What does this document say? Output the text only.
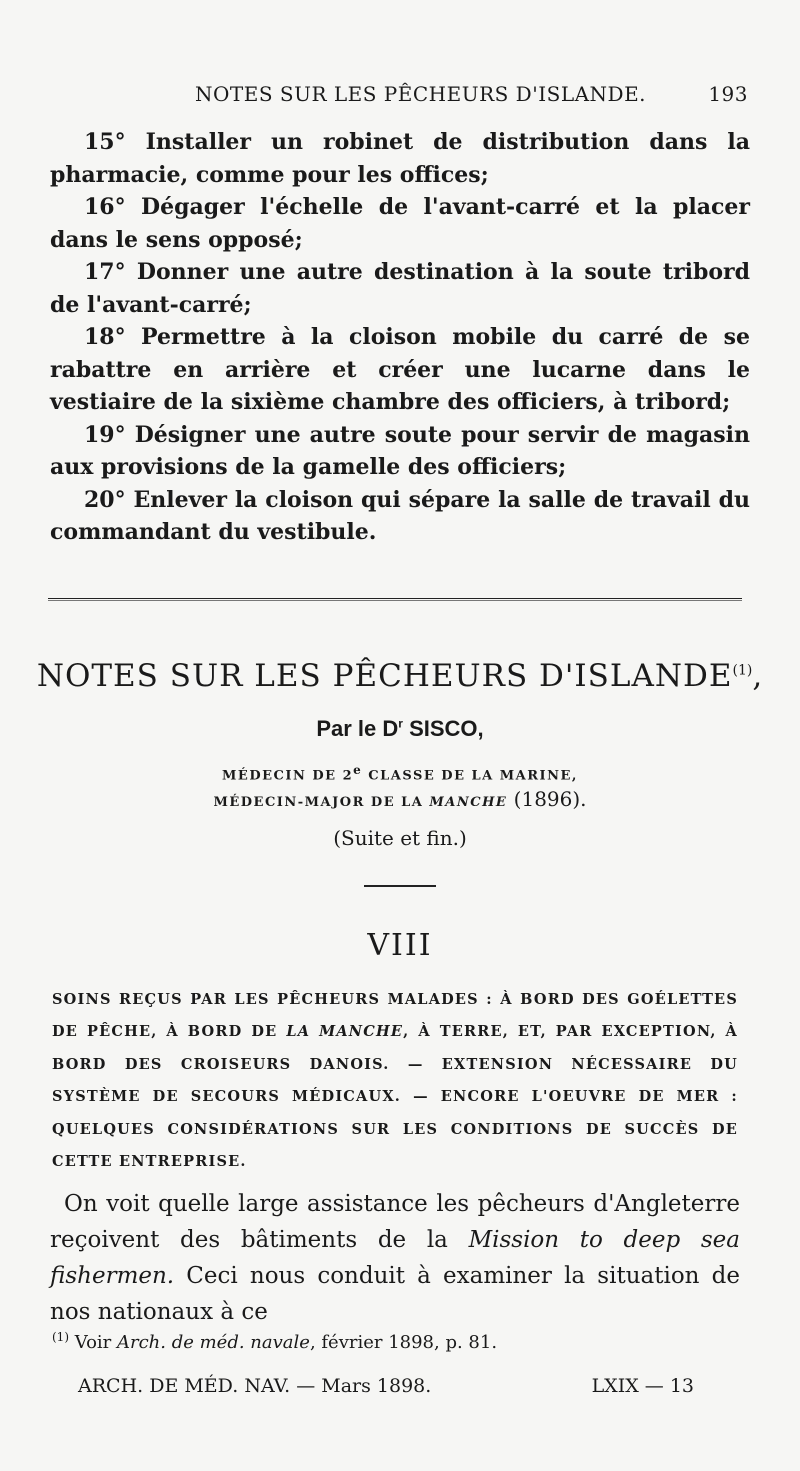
NOTES SUR LES PÊCHEURS D'ISLANDE.	193

15° Installer un robinet de distribution dans la pharmacie, comme pour les offices;

16° Dégager l'échelle de l'avant-carré et la placer dans le sens opposé;

17° Donner une autre destination à la soute tribord de l'avant-carré;

18° Permettre à la cloison mobile du carré de se rabattre en arrière et créer une lucarne dans le vestiaire de la sixième chambre des officiers, à tribord;

19° Désigner une autre soute pour servir de magasin aux provisions de la gamelle des officiers;

20° Enlever la cloison qui sépare la salle de travail du commandant du vestibule.

NOTES SUR LES PÊCHEURS D'ISLANDE$^{(1)}$,
Par le $D^r$ SISCO,
MÉDECIN DE 2e CLASSE DE LA MARINE,
MÉDECIN-MAJOR DE LA MANCHE (1896).
(Suite et fin.)
VIII
SOINS REÇUS PAR LES PÊCHEURS MALADES : À BORD DES GOÉLETTES DE PÊCHE, À BORD DE LA MANCHE, À TERRE, ET, PAR EXCEPTION, À BORD DES CROISEURS DANOIS. — EXTENSION NÉCESSAIRE DU SYSTÈME DE SECOURS MÉDICAUX. — ENCORE L'OEUVRE DE MER : QUELQUES CONSIDÉRATIONS SUR LES CONDITIONS DE SUCCÈS DE CETTE ENTREPRISE.
On voit quelle large assistance les pêcheurs d'Angleterre reçoivent des bâtiments de la Mission to deep sea fishermen. Ceci nous conduit à examiner la situation de nos nationaux à ce
$^{(1)}$ Voir Arch. de méd. navale, février 1898, p. 81.
ARCH. DE MÉD. NAV. — Mars 1898.	LXIX — 13
